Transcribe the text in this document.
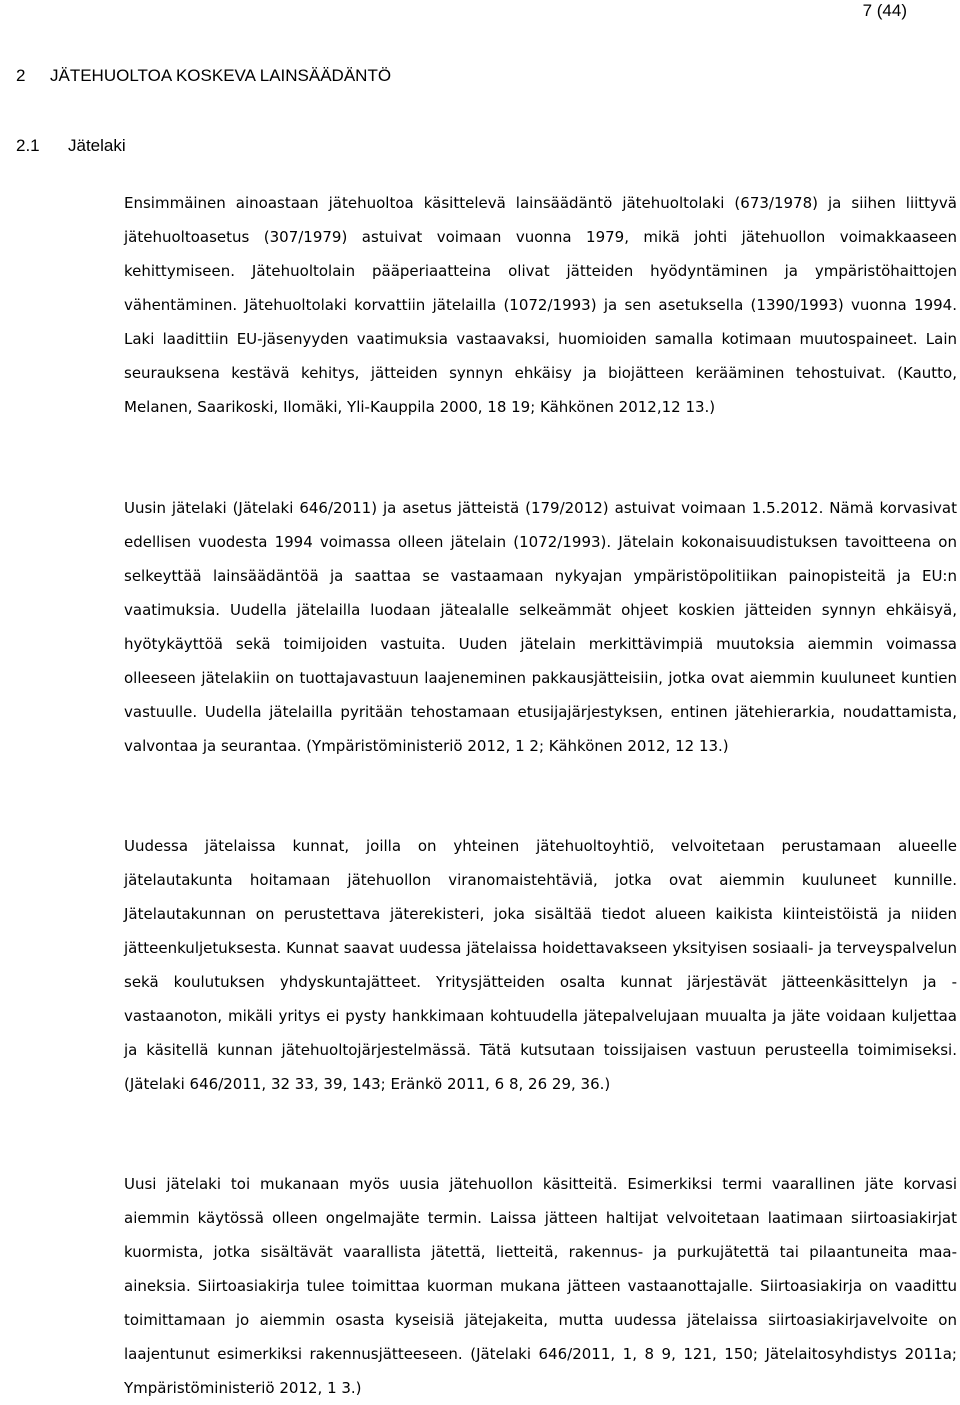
7 (44)
2 JÄTEHUOLTOA KOSKEVA LAINSÄÄDÄNTÖ
2.1 Jätelaki

Ensimmäinen ainoastaan jätehuoltoa käsittelevä lainsäädäntö jätehuoltolaki (673/1978) ja siihen liittyvä jätehuoltoasetus (307/1979) astuivat voimaan vuonna 1979, mikä johti jätehuollon voimakkaaseen kehittymiseen. Jätehuoltolain pääperiaatteina olivat jätteiden hyödyntäminen ja ympäristöhaittojen vähentäminen. Jätehuoltolaki korvattiin jätelailla (1072/1993) ja sen asetuksella (1390/1993) vuonna 1994. Laki laadittiin EU-jäsenyyden vaatimuksia vastaavaksi, huomioiden samalla kotimaan muutospaineet. Lain seurauksena kestävä kehitys, jätteiden synnyn ehkäisy ja biojätteen kerääminen tehostuivat. (Kautto, Melanen, Saarikoski, Ilomäki, Yli-Kauppila 2000, 18 19; Kähkönen 2012,12 13.)

Uusin jätelaki (Jätelaki 646/2011) ja asetus jätteistä (179/2012) astuivat voimaan 1.5.2012. Nämä korvasivat edellisen vuodesta 1994 voimassa olleen jätelain (1072/1993). Jätelain kokonaisuudistuksen tavoitteena on selkeyttää lainsäädäntöä ja saattaa se vastaamaan nykyajan ympäristöpolitiikan painopisteitä ja EU:n vaatimuksia. Uudella jätelailla luodaan jätealalle selkeämmät ohjeet koskien jätteiden synnyn ehkäisyä, hyötykäyttöä sekä toimijoiden vastuita. Uuden jätelain merkittävimpiä muutoksia aiemmin voimassa olleeseen jätelakiin on tuottajavastuun laajeneminen pakkausjätteisiin, jotka ovat aiemmin kuuluneet kuntien vastuulle. Uudella jätelailla pyritään tehostamaan etusijajärjestyksen, entinen jätehierarkia, noudattamista, valvontaa ja seurantaa. (Ympäristöministeriö 2012, 1 2; Kähkönen 2012, 12 13.)

Uudessa jätelaissa kunnat, joilla on yhteinen jätehuoltoyhtiö, velvoitetaan perustamaan alueelle jätelautakunta hoitamaan jätehuollon viranomaistehtäviä, jotka ovat aiemmin kuuluneet kunnille. Jätelautakunnan on perustettava jäterekisteri, joka sisältää tiedot alueen kaikista kiinteistöistä ja niiden jätteenkuljetuksesta. Kunnat saavat uudessa jätelaissa hoidettavakseen yksityisen sosiaali- ja terveyspalvelun sekä koulutuksen yhdyskuntajätteet. Yritysjätteiden osalta kunnat järjestävät jätteenkäsittelyn ja -vastaanoton, mikäli yritys ei pysty hankkimaan kohtuudella jätepalvelujaan muualta ja jäte voidaan kuljettaa ja käsitellä kunnan jätehuoltojärjestelmässä. Tätä kutsutaan toissijaisen vastuun perusteella toimimiseksi. (Jätelaki 646/2011, 32 33, 39, 143; Eränkö 2011, 6 8, 26 29, 36.)

Uusi jätelaki toi mukanaan myös uusia jätehuollon käsitteitä. Esimerkiksi termi vaarallinen jäte korvasi aiemmin käytössä olleen ongelmajäte termin. Laissa jätteen haltijat velvoitetaan laatimaan siirtoasiakirjat kuormista, jotka sisältävät vaarallista jätettä, lietteitä, rakennus- ja purkujätettä tai pilaantuneita maa-aineksia. Siirtoasiakirja tulee toimittaa kuorman mukana jätteen vastaanottajalle. Siirtoasiakirja on vaadittu toimittamaan jo aiemmin osasta kyseisiä jätejakeita, mutta uudessa jätelaissa siirtoasiakirjavelvoite on laajentunut esimerkiksi rakennusjätteeseen. (Jätelaki 646/2011, 1, 8 9, 121, 150; Jätelaitosyhdistys 2011a; Ympäristöministeriö 2012, 1 3.)
